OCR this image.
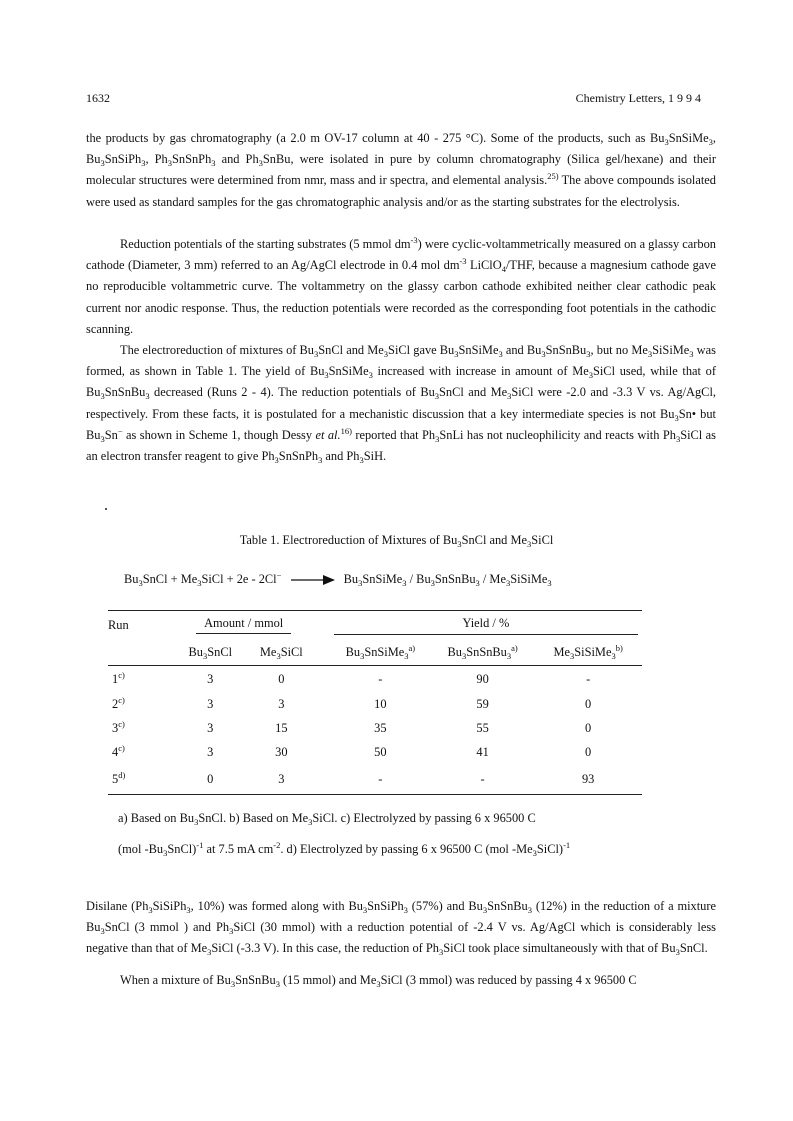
1632	Chemistry Letters, 1 9 9 4
the products by gas chromatography (a 2.0 m OV-17 column at 40 - 275 °C). Some of the products, such as $Bu_3SnSiMe_3$, $Bu_3SnSiPh_3$, $Ph_3SnSnPh_3$ and $Ph_3SnBu$, were isolated in pure by column chromatography (Silica gel/hexane) and their molecular structures were determined from nmr, mass and ir spectra, and elemental analysis.$^{25)}$ The above compounds isolated were used as standard samples for the gas chromatographic analysis and/or as the starting substrates for the electrolysis.
Reduction potentials of the starting substrates (5 mmol $dm^{-3}$) were cyclic-voltammetrically measured on a glassy carbon cathode (Diameter, 3 mm) referred to an Ag/AgCl electrode in 0.4 mol $dm^{-3}$ LiClO$_4$/THF, because a magnesium cathode gave no reproducible voltammetric curve. The voltammetry on the glassy carbon cathode exhibited neither clear cathodic peak current nor anodic response. Thus, the reduction potentials were recorded as the corresponding foot potentials in the cathodic scanning.
The electroreduction of mixtures of $Bu_3SnCl$ and $Me_3SiCl$ gave $Bu_3SnSiMe_3$ and $Bu_3SnSnBu_3$, but no $Me_3SiSiMe_3$ was formed, as shown in Table 1. The yield of $Bu_3SnSiMe_3$ increased with increase in amount of $Me_3SiCl$ used, while that of $Bu_3SnSnBu_3$ decreased (Runs 2 - 4). The reduction potentials of $Bu_3SnCl$ and $Me_3SiCl$ were -2.0 and -3.3 V vs. Ag/AgCl, respectively. From these facts, it is postulated for a mechanistic discussion that a key intermediate species is not $Bu_3Sn•$ but $Bu_3Sn^-$ as shown in Scheme 1, though Dessy et al.$^{16)}$ reported that $Ph_3SnLi$ has not nucleophilicity and reacts with $Ph_3SiCl$ as an electron transfer reagent to give $Ph_3SnSnPh_3$ and $Ph_3SiH$.
Table 1. Electroreduction of Mixtures of $Bu_3SnCl$ and $Me_3SiCl$
$Bu_3SnCl$ + $Me_3SiCl + 2e - 2Cl^-$ → $Bu_3SnSiMe_3$ / $Bu_3SnSnBu_3$ / $Me_3SiSiMe_3$
Run	Amount / mmol			Yield / %		

	$Bu_3SnCl$	$Me_3SiCl$		$Bu_3SnSiMe_3^{a)}$	$Bu_3SnSnBu_3^{a)}$	$Me_3SiSiMe_3^{b)}$
1$^{c)}$	3	0		-	90	-
2$^{c)}$	3	3		10	59	0
3$^{c)}$	3	15		35	55	0
4$^{c)}$	3	30		50	41	0
5$^{d)}$	0	3		-	-	93
a) Based on $Bu_3SnCl$. b) Based on $Me_3SiCl$. c) Electrolyzed by passing 6 x 96500 C
(mol $-Bu_3SnCl)^{-1}$ at 7.5 mA $cm^{-2}$. d) Electrolyzed by passing 6 x 96500 C (mol $-Me_3SiCl)^{-1}$
Disilane ($Ph_3SiSiPh_3$, 10%) was formed along with $Bu_3SnSiPh_3$ (57%) and $Bu_3SnSnBu_3$ (12%) in the reduction of a mixture $Bu_3SnCl$ (3 mmol ) and $Ph_3SiCl$ (30 mmol) with a reduction potential of -2.4 V vs. Ag/AgCl which is considerably less negative than that of $Me_3SiCl$ (-3.3 V). In this case, the reduction of $Ph_3SiCl$ took place simultaneously with that of $Bu_3SnCl$.
When a mixture of $Bu_3SnSnBu_3$ (15 mmol) and $Me_3SiCl$ (3 mmol) was reduced by passing 4 x 96500 C
